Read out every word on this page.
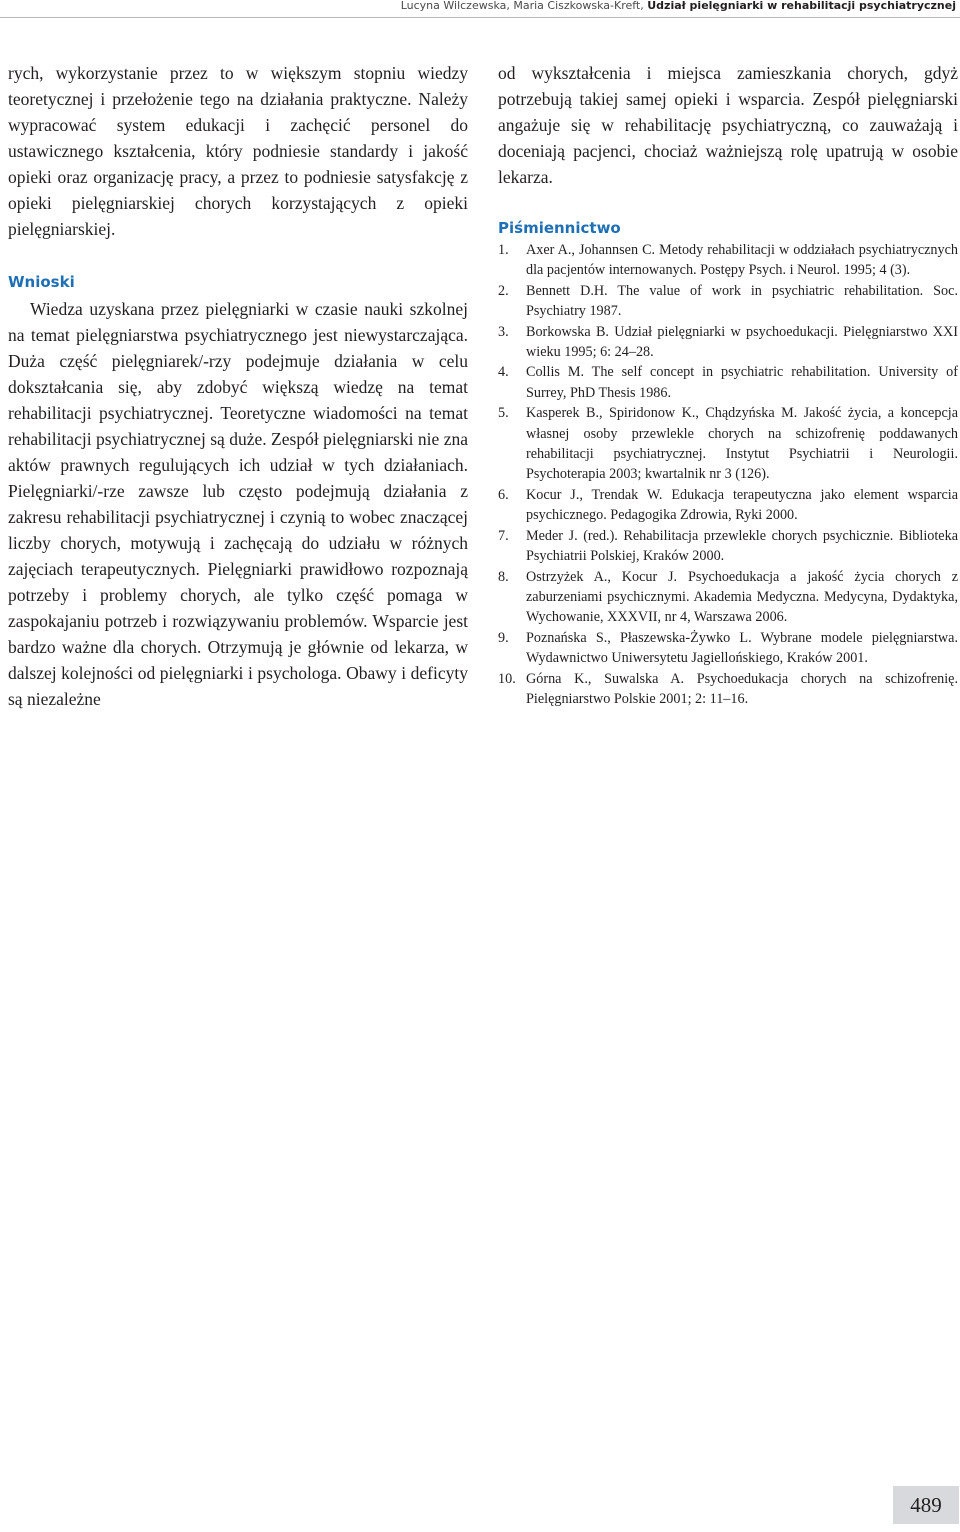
Lucyna Wilczewska, Maria Ciszkowska-Kreft, Udział pielęgniarki w rehabilitacji psychiatrycznej

rych, wykorzystanie przez to w większym stopniu wiedzy teoretycznej i przełożenie tego na działania praktyczne. Należy wypracować system edukacji i zachęcić personel do ustawicznego kształcenia, który podniesie standardy i jakość opieki oraz organizację pracy, a przez to podniesie satysfakcję z opieki pielęgniarskiej chorych korzystających z opieki pielęgniarskiej.

Wnioski

Wiedza uzyskana przez pielęgniarki w czasie nauki szkolnej na temat pielęgniarstwa psychiatrycznego jest niewystarczająca. Duża część pielęgniarek/-rzy podejmuje działania w celu dokształcania się, aby zdobyć większą wiedzę na temat rehabilitacji psychiatrycznej. Teoretyczne wiadomości na temat rehabilitacji psychiatrycznej są duże. Zespół pielęgniarski nie zna aktów prawnych regulujących ich udział w tych działaniach. Pielęgniarki/-rze zawsze lub często podejmują działania z zakresu rehabilitacji psychiatrycznej i czynią to wobec znaczącej liczby chorych, motywują i zachęcają do udziału w różnych zajęciach terapeutycznych. Pielęgniarki prawidłowo rozpoznają potrzeby i problemy chorych, ale tylko część pomaga w zaspokajaniu potrzeb i rozwiązywaniu problemów. Wsparcie jest bardzo ważne dla chorych. Otrzymują je głównie od lekarza, w dalszej kolejności od pielęgniarki i psychologa. Obawy i deficyty są niezależne

od wykształcenia i miejsca zamieszkania chorych, gdyż potrzebują takiej samej opieki i wsparcia. Zespół pielęgniarski angażuje się w rehabilitację psychiatryczną, co zauważają i doceniają pacjenci, chociaż ważniejszą rolę upatrują w osobie lekarza.

Piśmiennictwo
1. Axer A., Johannsen C. Metody rehabilitacji w oddziałach psychiatrycznych dla pacjentów internowanych. Postępy Psych. i Neurol. 1995; 4 (3).
2. Bennett D.H. The value of work in psychiatric rehabilitation. Soc. Psychiatry 1987.
3. Borkowska B. Udział pielęgniarki w psychoedukacji. Pielęgniarstwo XXI wieku 1995; 6: 24–28.
4. Collis M. The self concept in psychiatric rehabilitation. University of Surrey, PhD Thesis 1986.
5. Kasperek B., Spiridonow K., Chądzyńska M. Jakość życia, a koncepcja własnej osoby przewlekle chorych na schizofrenię poddawanych rehabilitacji psychiatrycznej. Instytut Psychiatrii i Neurologii. Psychoterapia 2003; kwartalnik nr 3 (126).
6. Kocur J., Trendak W. Edukacja terapeutyczna jako element wsparcia psychicznego. Pedagogika Zdrowia, Ryki 2000.
7. Meder J. (red.). Rehabilitacja przewlekle chorych psychicznie. Biblioteka Psychiatrii Polskiej, Kraków 2000.
8. Ostrzyżek A., Kocur J. Psychoedukacja a jakość życia chorych z zaburzeniami psychicznymi. Akademia Medyczna. Medycyna, Dydaktyka, Wychowanie, XXXVII, nr 4, Warszawa 2006.
9. Poznańska S., Płaszewska-Żywko L. Wybrane modele pielęgniarstwa. Wydawnictwo Uniwersytetu Jagiellońskiego, Kraków 2001.
10. Górna K., Suwalska A. Psychoedukacja chorych na schizofrenię. Pielęgniarstwo Polskie 2001; 2: 11–16.
489
